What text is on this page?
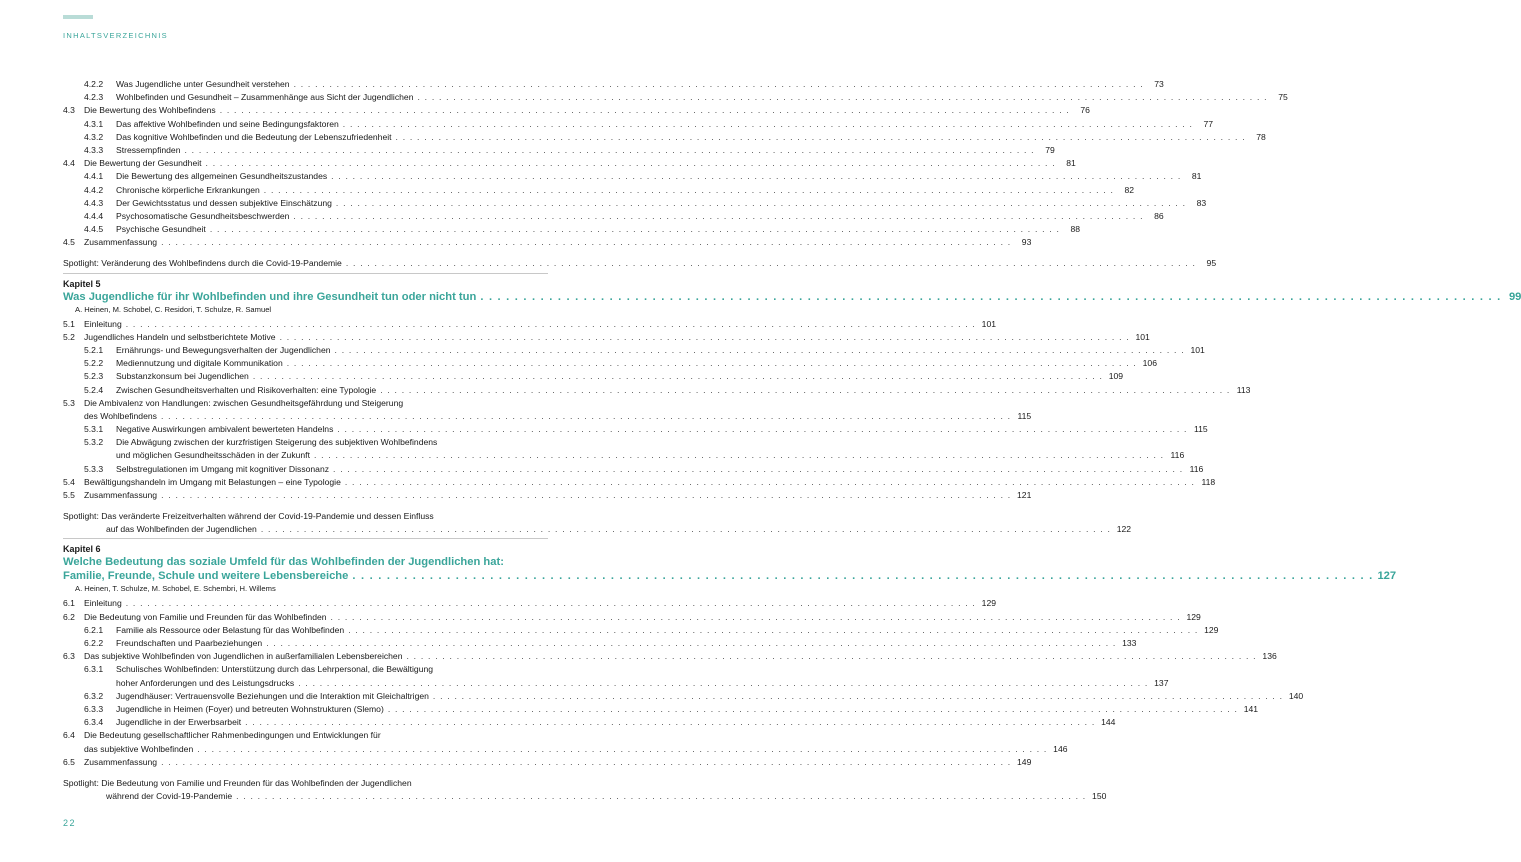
INHALTSVERZEICHNIS
4.2.2	Was Jugendliche unter Gesundheit verstehen . . .	73
4.2.3	Wohlbefinden und Gesundheit – Zusammenhänge aus Sicht der Jugendlichen . . .	75
4.3	Die Bewertung des Wohlbefindens . . .	76
4.3.1	Das affektive Wohlbefinden und seine Bedingungsfaktoren . . .	77
4.3.2	Das kognitive Wohlbefinden und die Bedeutung der Lebenszufriedenheit . . .	78
4.3.3	Stressempfinden . . .	79
4.4	Die Bewertung der Gesundheit . . .	81
4.4.1	Die Bewertung des allgemeinen Gesundheitszustandes . . .	81
4.4.2	Chronische körperliche Erkrankungen . . .	82
4.4.3	Der Gewichtsstatus und dessen subjektive Einschätzung . . .	83
4.4.4	Psychosomatische Gesundheitsbeschwerden . . .	86
4.4.5	Psychische Gesundheit . . .	88
4.5	Zusammenfassung . . .	93
Spotlight: Veränderung des Wohlbefindens durch die Covid-19-Pandemie . . .	95
Kapitel 5
Was Jugendliche für ihr Wohlbefinden und ihre Gesundheit tun oder nicht tun . . .	99
A. Heinen, M. Schobel, C. Residori, T. Schulze, R. Samuel
5.1	Einleitung . . .	101
5.2	Jugendliches Handeln und selbstberichtete Motive . . .	101
5.2.1	Ernährungs- und Bewegungsverhalten der Jugendlichen . . .	101
5.2.2	Mediennutzung und digitale Kommunikation . . .	106
5.2.3	Substanzkonsum bei Jugendlichen . . .	109
5.2.4	Zwischen Gesundheitsverhalten und Risikoverhalten: eine Typologie . . .	113
5.3	Die Ambivalenz von Handlungen: zwischen Gesundheitsgefährdung und Steigerung
des Wohlbefindens . . .	115
5.3.1	Negative Auswirkungen ambivalent bewerteten Handelns . . .	115
5.3.2	Die Abwägung zwischen der kurzfristigen Steigerung des subjektiven Wohlbefindens
und möglichen Gesundheitsschäden in der Zukunft . . .	116
5.3.3	Selbstregulationen im Umgang mit kognitiver Dissonanz . . .	116
5.4	Bewältigungshandeln im Umgang mit Belastungen – eine Typologie . . .	118
5.5	Zusammenfassung . . .	121
Spotlight: Das veränderte Freizeitverhalten während der Covid-19-Pandemie und dessen Einfluss
auf das Wohlbefinden der Jugendlichen . . .	122
Kapitel 6
Welche Bedeutung das soziale Umfeld für das Wohlbefinden der Jugendlichen hat:
Familie, Freunde, Schule und weitere Lebensbereiche . . .	127
A. Heinen, T. Schulze, M. Schobel, E. Schembri, H. Willems
6.1	Einleitung . . .	129
6.2	Die Bedeutung von Familie und Freunden für das Wohlbefinden . . .	129
6.2.1	Familie als Ressource oder Belastung für das Wohlbefinden . . .	129
6.2.2	Freundschaften und Paarbeziehungen . . .	133
6.3	Das subjektive Wohlbefinden von Jugendlichen in außerfamilialen Lebensbereichen . . .	136
6.3.1	Schulisches Wohlbefinden: Unterstützung durch das Lehrpersonal, die Bewältigung
hoher Anforderungen und des Leistungsdrucks . . .	137
6.3.2	Jugendhäuser: Vertrauensvolle Beziehungen und die Interaktion mit Gleichaltrigen . . .	140
6.3.3	Jugendliche in Heimen (Foyer) und betreuten Wohnstrukturen (Slemo) . . .	141
6.3.4	Jugendliche in der Erwerbsarbeit . . .	144
6.4	Die Bedeutung gesellschaftlicher Rahmenbedingungen und Entwicklungen für
das subjektive Wohlbefinden . . .	146
6.5	Zusammenfassung . . .	149
Spotlight: Die Bedeutung von Familie und Freunden für das Wohlbefinden der Jugendlichen
während der Covid-19-Pandemie . . .	150
22
